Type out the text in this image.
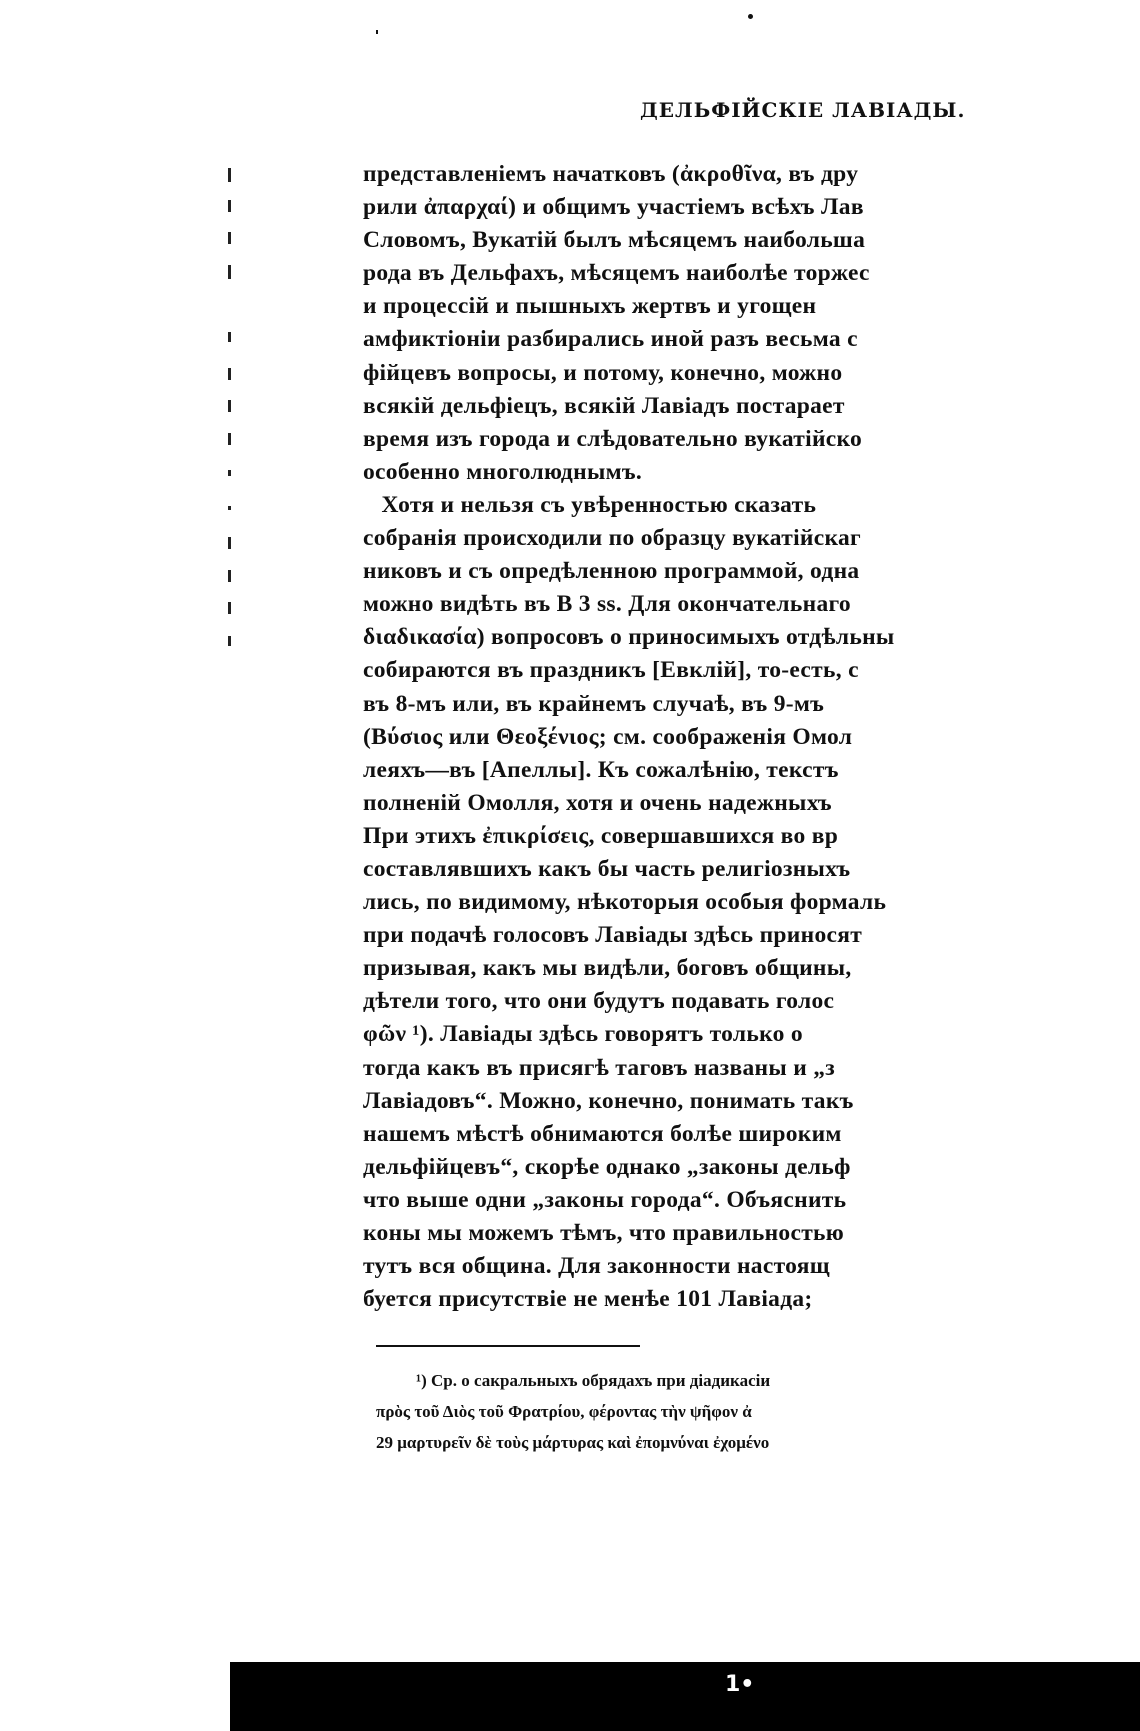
ДЕЛЬФІЙСКІЕ ЛАВІАДЫ.
представленіемъ начатковъ (ἀκροθῖνα, въ дру
рили ἀπαρχαί) и общимъ участіемъ всѣхъ Лав
Словомъ, Вукатій былъ мѣсяцемъ наибольша
рода въ Дельфахъ, мѣсяцемъ наиболѣе торжес
и процессій и пышныхъ жертвъ и угощен
амфиктіоніи разбирались иной разъ весьма с
фійцевъ вопросы, и потому, конечно, можно
всякій дельфіецъ, всякій Лавіадъ постарает
время изъ города и слѣдовательно вукатійско
особенно многолюднымъ.
Хотя и нельзя съ увѣренностью сказать
собранія происходили по образцу вукатійскаг
никовъ и съ опредѣленною программой, одна
можно видѣть въ В 3 ss. Для окончательнаго
διαδικασία) вопросовъ о приносимыхъ отдѣльны
собираются въ праздникъ [Евклій], то-есть, с
въ 8-мъ или, въ крайнемъ случаѣ, въ 9-мъ
(Βύσιος или Θεοξένιος; см. соображенія Омол
леяхъ—въ [Апеллы]. Къ сожалѣнію, текстъ
полненій Омолля, хотя и очень надежныхъ
При этихъ ἐπικρίσεις, совершавшихся во вр
составлявшихъ какъ бы часть религіозныхъ
лись, по видимому, нѣкоторыя особыя формаль
при подачѣ голосовъ Лавіады здѣсь приносят
призывая, какъ мы видѣли, боговъ общины,
дѣтели того, что они будутъ подавать голос
φῶν ¹). Лавіады здѣсь говорятъ только о
тогда какъ въ присягѣ таговъ названы и „з
Лавіадовъ“. Можно, конечно, понимать такъ
нашемъ мѣстѣ обнимаются болѣе широким
дельфійцевъ“, скорѣе однако „законы дельф
что выше одни „законы города“. Объяснить
коны мы можемъ тѣмъ, что правильностью
тутъ вся община. Для законности настоящ
буется присутствіе не менѣе 101 Лавіада;
¹) Ср. о сакральныхъ обрядахъ при діадикасіи
πρὸς τοῦ Διὸς τοῦ Φρατρίου, φέροντας τὴν ψῆφον ἀ
29 μαρτυρεῖν δὲ τοὺς μάρτυρας καὶ ἐπομνύναι ἐχομένο
1•
